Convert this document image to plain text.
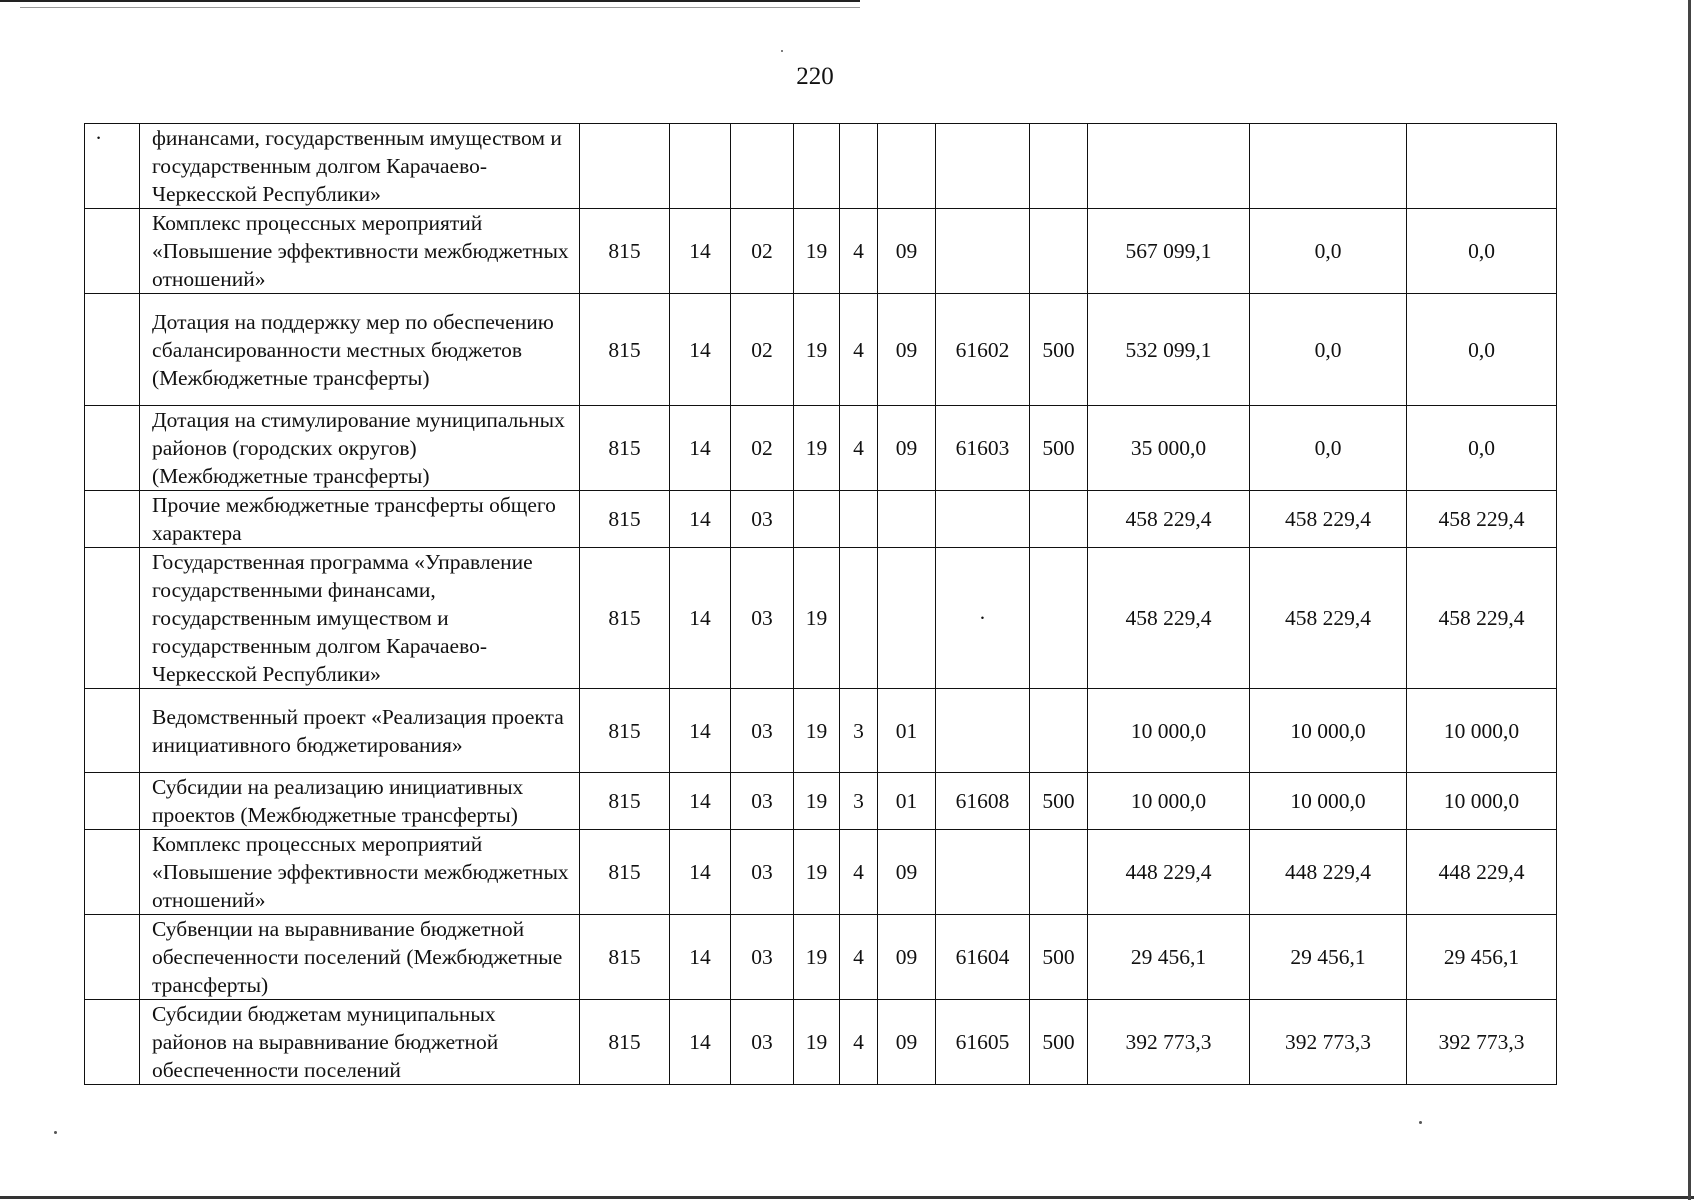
220
·	финансами, государственным имуществом и государственным долгом Карачаево-Черкесской Республики»											
	Комплекс процессных мероприятий «Повышение эффективности межбюджетных отношений»	815	14	02	19	4	09			567 099,1	0,0	0,0
	Дотация на поддержку мер по обеспечению сбалансированности местных бюджетов (Межбюджетные трансферты)	815	14	02	19	4	09	61602	500	532 099,1	0,0	0,0
	Дотация на стимулирование муниципальных районов (городских округов) (Межбюджетные трансферты)	815	14	02	19	4	09	61603	500	35 000,0	0,0	0,0
	Прочие межбюджетные трансферты общего характера	815	14	03						458 229,4	458 229,4	458 229,4
	Государственная программа «Управление государственными финансами, государственным имуществом и государственным долгом Карачаево-Черкесской Республики»	815	14	03	19			·		458 229,4	458 229,4	458 229,4
	Ведомственный проект «Реализация проекта инициативного бюджетирования»	815	14	03	19	3	01			10 000,0	10 000,0	10 000,0
	Субсидии на реализацию инициативных проектов (Межбюджетные трансферты)	815	14	03	19	3	01	61608	500	10 000,0	10 000,0	10 000,0
	Комплекс процессных мероприятий «Повышение эффективности межбюджетных отношений»	815	14	03	19	4	09			448 229,4	448 229,4	448 229,4
	Субвенции на выравнивание бюджетной обеспеченности поселений (Межбюджетные трансферты)	815	14	03	19	4	09	61604	500	29 456,1	29 456,1	29 456,1
	Субсидии бюджетам муниципальных районов на выравнивание бюджетной обеспеченности поселений	815	14	03	19	4	09	61605	500	392 773,3	392 773,3	392 773,3
